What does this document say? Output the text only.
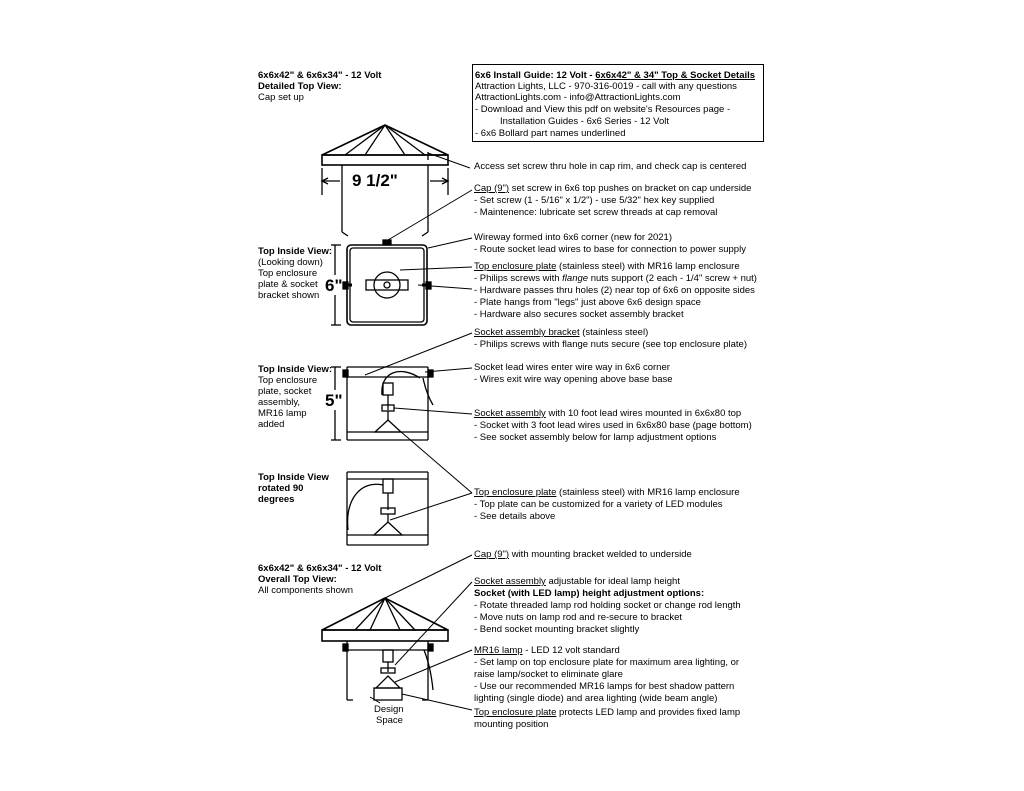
9 1/2"
6"
5"
6x6x42" & 6x6x34" - 12 Volt
Detailed Top View:
Cap set up
Top Inside View:
(Looking down)
Top enclosure
plate & socket
bracket shown
Top Inside View:
Top enclosure
plate, socket
assembly,
MR16 lamp
added
Top Inside View
rotated 90
degrees
6x6x42" & 6x6x34" - 12 Volt
Overall Top View:
All components shown
Design
Space
6x6 Install Guide: 12 Volt - 6x6x42" & 34" Top & Socket Details
Attraction Lights, LLC - 970-316-0019 - call with any questions
AttractionLights.com - info@AttractionLights.com
- Download and View this pdf on website's Resources page -
Installation Guides - 6x6 Series - 12 Volt
- 6x6 Bollard part names underlined
Access set screw thru hole in cap rim, and check cap is centered
Cap (9") set screw in 6x6 top pushes on bracket on cap underside
- Set screw (1 - 5/16" x 1/2") - use 5/32" hex key supplied
- Maintenence: lubricate set screw threads at cap removal
Wireway formed into 6x6 corner (new for 2021)
- Route socket lead wires to base for connection to power supply
Top enclosure plate (stainless steel) with MR16 lamp enclosure
- Philips screws with flange nuts support (2 each - 1/4" screw + nut)
- Hardware passes thru holes (2) near top of 6x6 on opposite sides
- Plate hangs from "legs" just above 6x6 design space
- Hardware also secures socket assembly bracket
Socket assembly bracket (stainless steel)
- Philips screws with flange nuts secure (see top enclosure plate)
Socket lead wires enter wire way in 6x6 corner
- Wires exit wire way opening above base base
Socket assembly with 10 foot lead wires mounted in 6x6x80 top
- Socket with 3 foot lead wires used in 6x6x80 base (page bottom)
- See socket assembly below for lamp adjustment options
Top enclosure plate (stainless steel) with MR16 lamp enclosure
- Top plate can be customized for a variety of LED modules
- See details above
Cap (9") with mounting bracket welded to underside
Socket assembly adjustable for ideal lamp height
Socket (with LED lamp) height adjustment options:
- Rotate threaded lamp rod holding socket or change rod length
- Move nuts on lamp rod and re-secure to bracket
- Bend socket mounting bracket slightly
MR16 lamp - LED 12 volt standard
- Set lamp on top enclosure plate for maximum area lighting, or
raise lamp/socket to eliminate glare
- Use our recommended MR16 lamps for best shadow pattern
lighting (single diode) and area lighting (wide beam angle)
Top enclosure plate protects LED lamp and provides fixed lamp
mounting position
